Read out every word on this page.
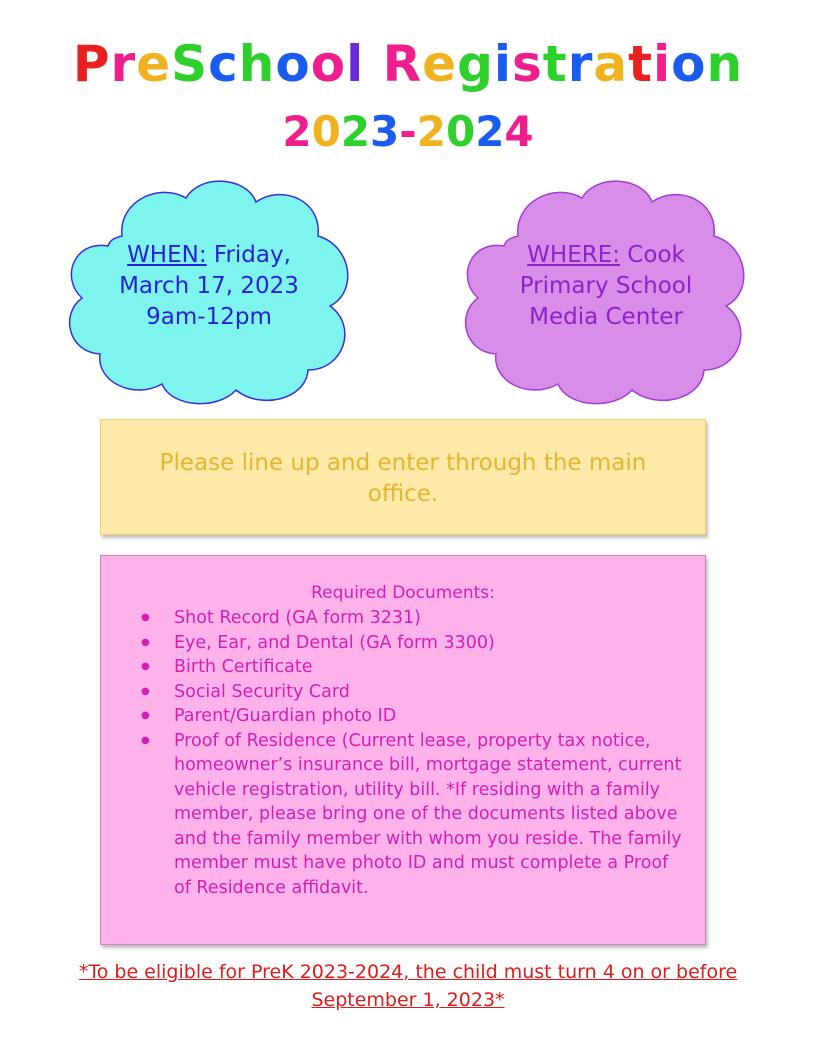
PreSchool Registration
2023-2024
WHEN: Friday,
March 17, 2023
9am-12pm
WHERE: Cook
Primary School
Media Center
Please line up and enter through the main office.
Required Documents:
● Shot Record (GA form 3231)
● Eye, Ear, and Dental (GA form 3300)
● Birth Certificate
● Social Security Card
● Parent/Guardian photo ID
● Proof of Residence (Current lease, property tax notice, homeowner’s insurance bill, mortgage statement, current vehicle registration, utility bill. *If residing with a family member, please bring one of the documents listed above and the family member with whom you reside. The family member must have photo ID and must complete a Proof of Residence affidavit.
*To be eligible for PreK 2023-2024, the child must turn 4 on or before September 1, 2023*
